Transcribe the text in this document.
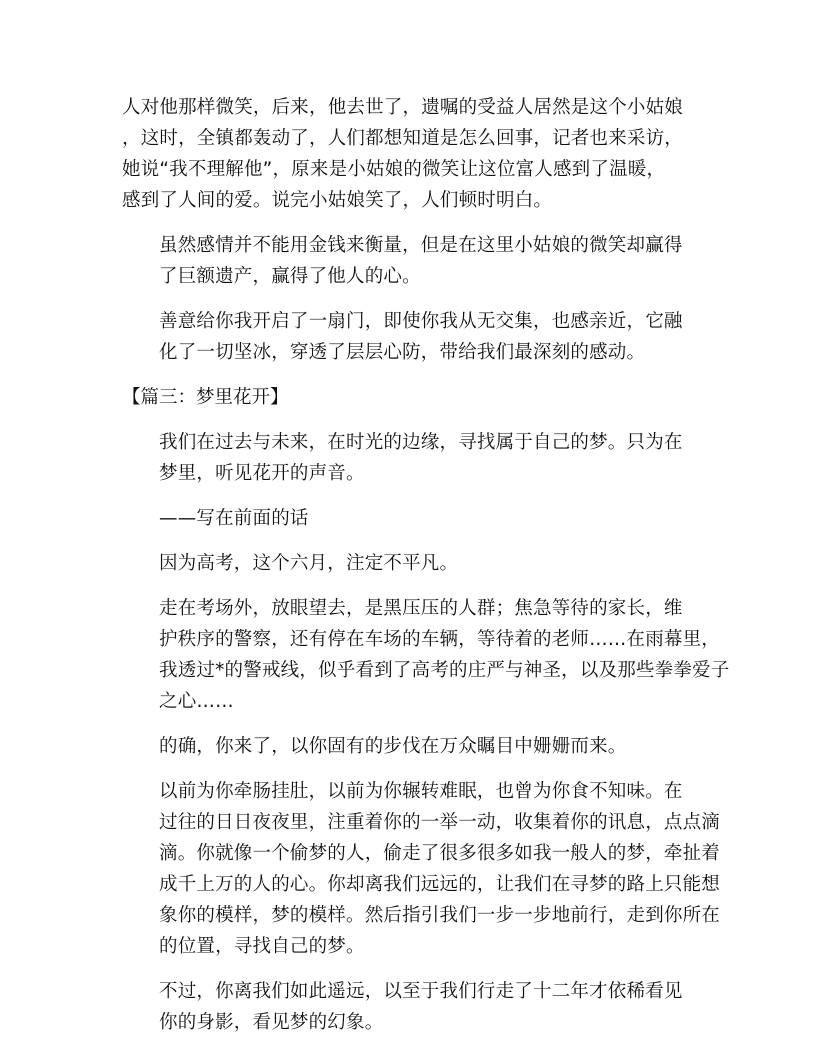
人对他那样微笑，后来，他去世了，遗嘱的受益人居然是这个小姑娘
，这时，全镇都轰动了，人们都想知道是怎么回事，记者也来采访，
她说“我不理解他”，原来是小姑娘的微笑让这位富人感到了温暖，
感到了人间的爱。说完小姑娘笑了，人们顿时明白。

虽然感情并不能用金钱来衡量，但是在这里小姑娘的微笑却赢得
了巨额遗产，赢得了他人的心。

善意给你我开启了一扇门，即使你我从无交集，也感亲近，它融
化了一切坚冰，穿透了层层心防，带给我们最深刻的感动。

【篇三：梦里花开】

我们在过去与未来，在时光的边缘，寻找属于自己的梦。只为在
梦里，听见花开的声音。

——写在前面的话

因为高考，这个六月，注定不平凡。

走在考场外，放眼望去，是黑压压的人群；焦急等待的家长，维
护秩序的警察，还有停在车场的车辆，等待着的老师……在雨幕里，
我透过*的警戒线，似乎看到了高考的庄严与神圣，以及那些拳拳爱子
之心……

的确，你来了，以你固有的步伐在万众瞩目中姗姗而来。

以前为你牵肠挂肚，以前为你辗转难眠，也曾为你食不知味。在
过往的日日夜夜里，注重着你的一举一动，收集着你的讯息，点点滴
滴。你就像一个偷梦的人，偷走了很多很多如我一般人的梦，牵扯着
成千上万的人的心。你却离我们远远的，让我们在寻梦的路上只能想
象你的模样，梦的模样。然后指引我们一步一步地前行，走到你所在
的位置，寻找自己的梦。

不过，你离我们如此遥远，以至于我们行走了十二年才依稀看见
你的身影，看见梦的幻象。
